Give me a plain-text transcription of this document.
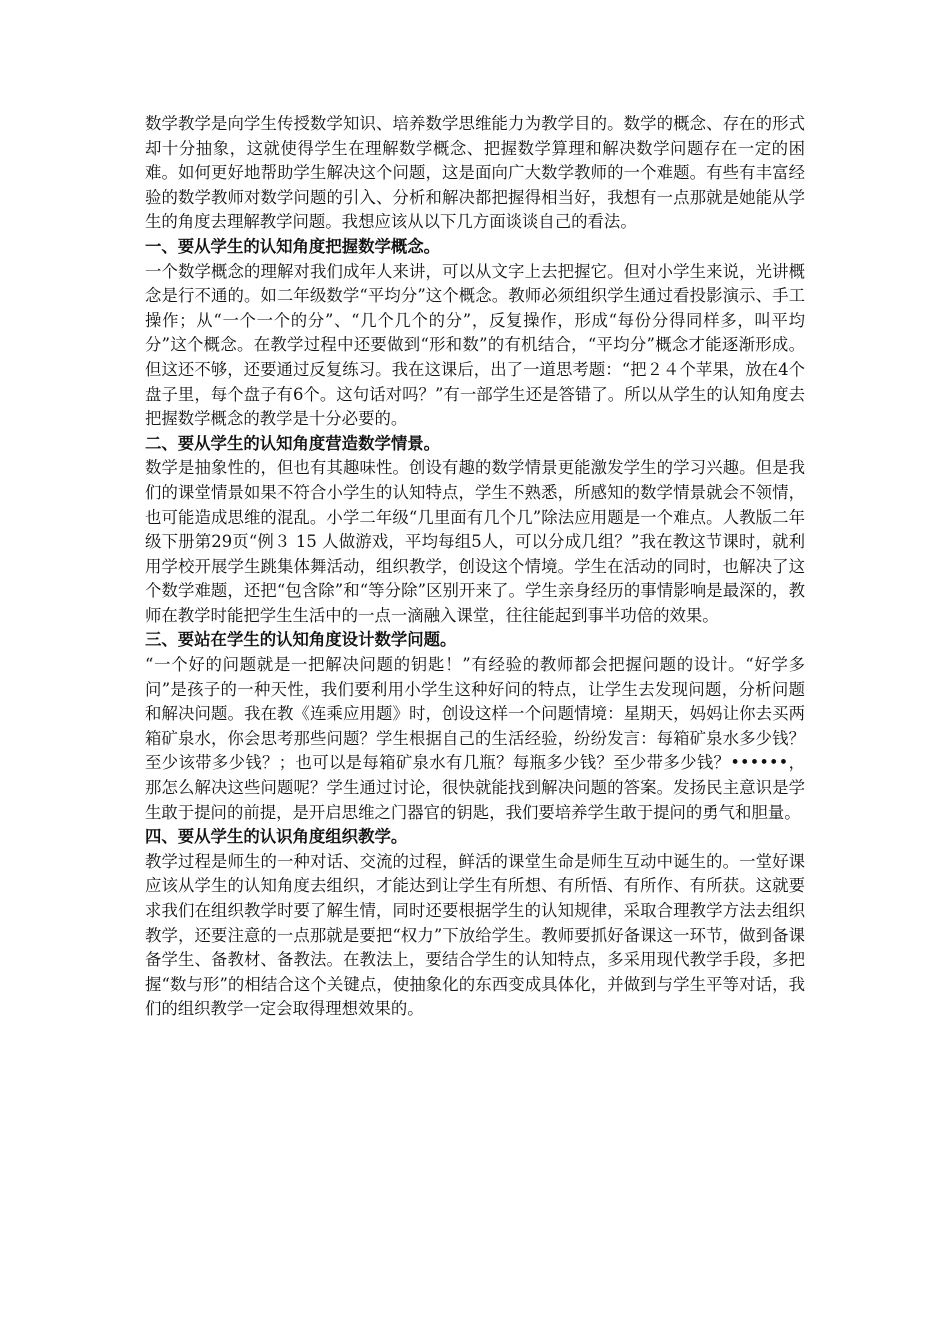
数学教学是向学生传授数学知识、培养数学思维能力为教学目的。数学的概念、存在的形式却十分抽象，这就使得学生在理解数学概念、把握数学算理和解决数学问题存在一定的困难。如何更好地帮助学生解决这个问题，这是面向广大数学教师的一个难题。有些有丰富经验的数学教师对数学问题的引入、分析和解决都把握得相当好，我想有一点那就是她能从学生的角度去理解教学问题。我想应该从以下几方面谈谈自己的看法。

一、要从学生的认知角度把握数学概念。

一个数学概念的理解对我们成年人来讲，可以从文字上去把握它。但对小学生来说，光讲概念是行不通的。如二年级数学“平均分”这个概念。教师必须组织学生通过看投影演示、手工操作；从“一个一个的分”、“几个几个的分”，反复操作，形成“每份分得同样多，叫平均分”这个概念。在教学过程中还要做到“形和数”的有机结合，“平均分”概念才能逐渐形成。但这还不够，还要通过反复练习。我在这课后，出了一道思考题：“把２４个苹果，放在4个盘子里，每个盘子有6个。这句话对吗？”有一部学生还是答错了。所以从学生的认知角度去把握数学概念的教学是十分必要的。

二、要从学生的认知角度营造数学情景。

数学是抽象性的，但也有其趣味性。创设有趣的数学情景更能激发学生的学习兴趣。但是我们的课堂情景如果不符合小学生的认知特点，学生不熟悉，所感知的数学情景就会不领情，也可能造成思维的混乱。小学二年级“几里面有几个几”除法应用题是一个难点。人教版二年级下册第29页“例３ 15 人做游戏，平均每组5人，可以分成几组？”我在教这节课时，就利用学校开展学生跳集体舞活动，组织教学，创设这个情境。学生在活动的同时，也解决了这个数学难题，还把“包含除”和“等分除”区别开来了。学生亲身经历的事情影响是最深的，教师在教学时能把学生生活中的一点一滴融入课堂，往往能起到事半功倍的效果。

三、要站在学生的认知角度设计数学问题。

“一个好的问题就是一把解决问题的钥匙！”有经验的教师都会把握问题的设计。“好学多问”是孩子的一种天性，我们要利用小学生这种好问的特点，让学生去发现问题，分析问题和解决问题。我在教《连乘应用题》时，创设这样一个问题情境：星期天，妈妈让你去买两箱矿泉水，你会思考那些问题？学生根据自己的生活经验，纷纷发言：每箱矿泉水多少钱？至少该带多少钱？；也可以是每箱矿泉水有几瓶？每瓶多少钱？至少带多少钱？••••••，那怎么解决这些问题呢？学生通过讨论，很快就能找到解决问题的答案。发扬民主意识是学生敢于提问的前提，是开启思维之门器官的钥匙，我们要培养学生敢于提问的勇气和胆量。

四、要从学生的认识角度组织教学。

教学过程是师生的一种对话、交流的过程，鲜活的课堂生命是师生互动中诞生的。一堂好课应该从学生的认知角度去组织，才能达到让学生有所想、有所悟、有所作、有所获。这就要求我们在组织教学时要了解生情，同时还要根据学生的认知规律，采取合理教学方法去组织教学，还要注意的一点那就是要把“权力”下放给学生。教师要抓好备课这一环节，做到备课备学生、备教材、备教法。在教法上，要结合学生的认知特点，多采用现代教学手段，多把握“数与形”的相结合这个关键点，使抽象化的东西变成具体化，并做到与学生平等对话，我们的组织教学一定会取得理想效果的。
